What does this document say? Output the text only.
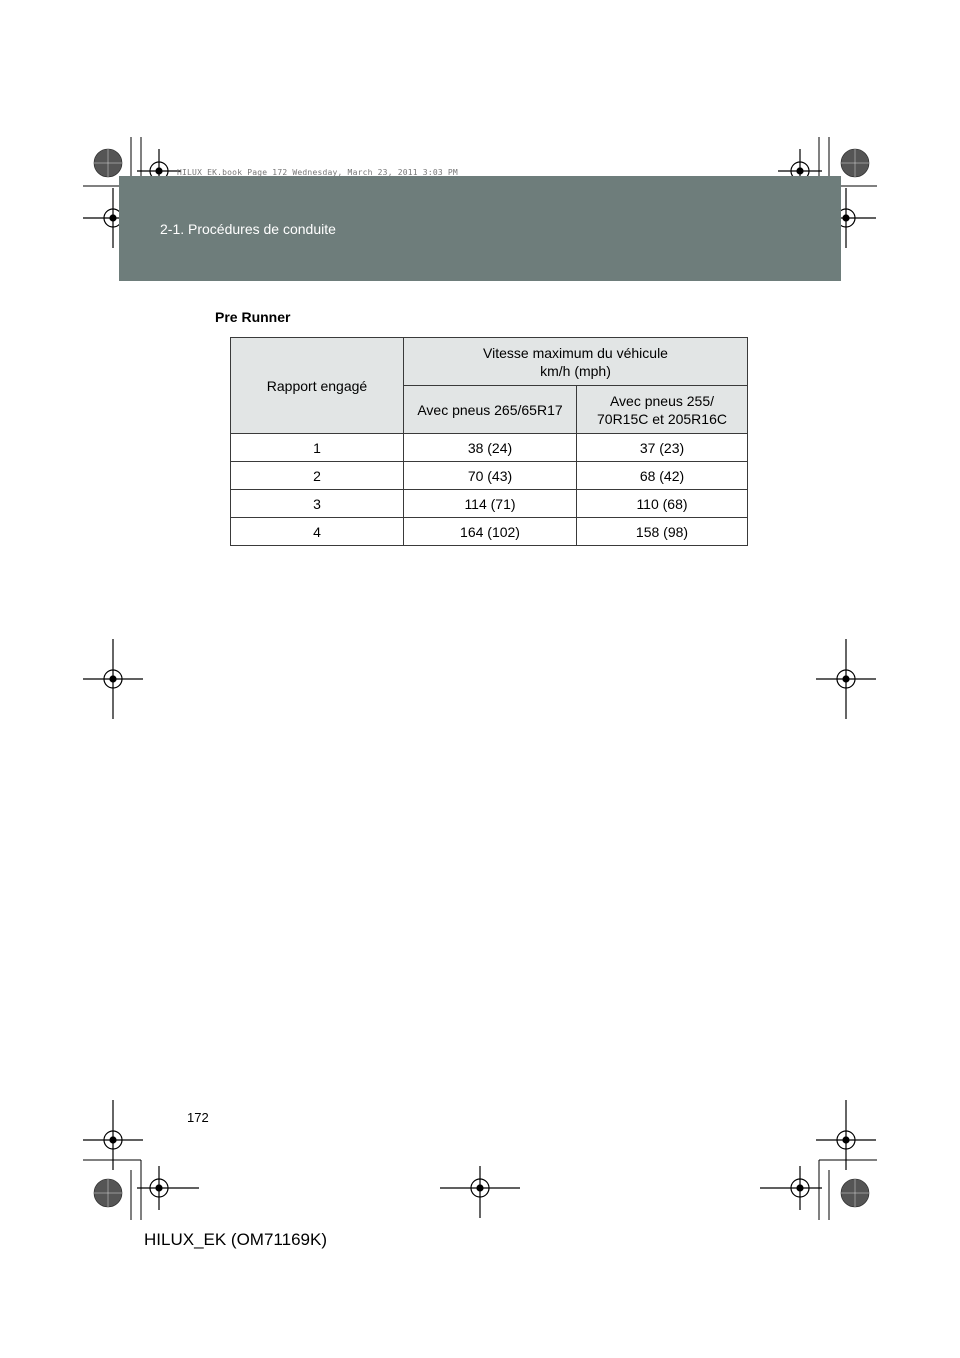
2-1. Procédures de conduite
HILUX_EK.book Page 172 Wednesday, March 23, 2011 3:03 PM
Pre Runner
Rapport engagé	Vitesse maximum du véhicule
km/h (mph)	
	Avec pneus 265/65R17	Avec pneus 255/
70R15C et 205R16C
1	38 (24)	37 (23)
2	70 (43)	68 (42)
3	114 (71)	110 (68)
4	164 (102)	158 (98)
172
HILUX_EK (OM71169K)
